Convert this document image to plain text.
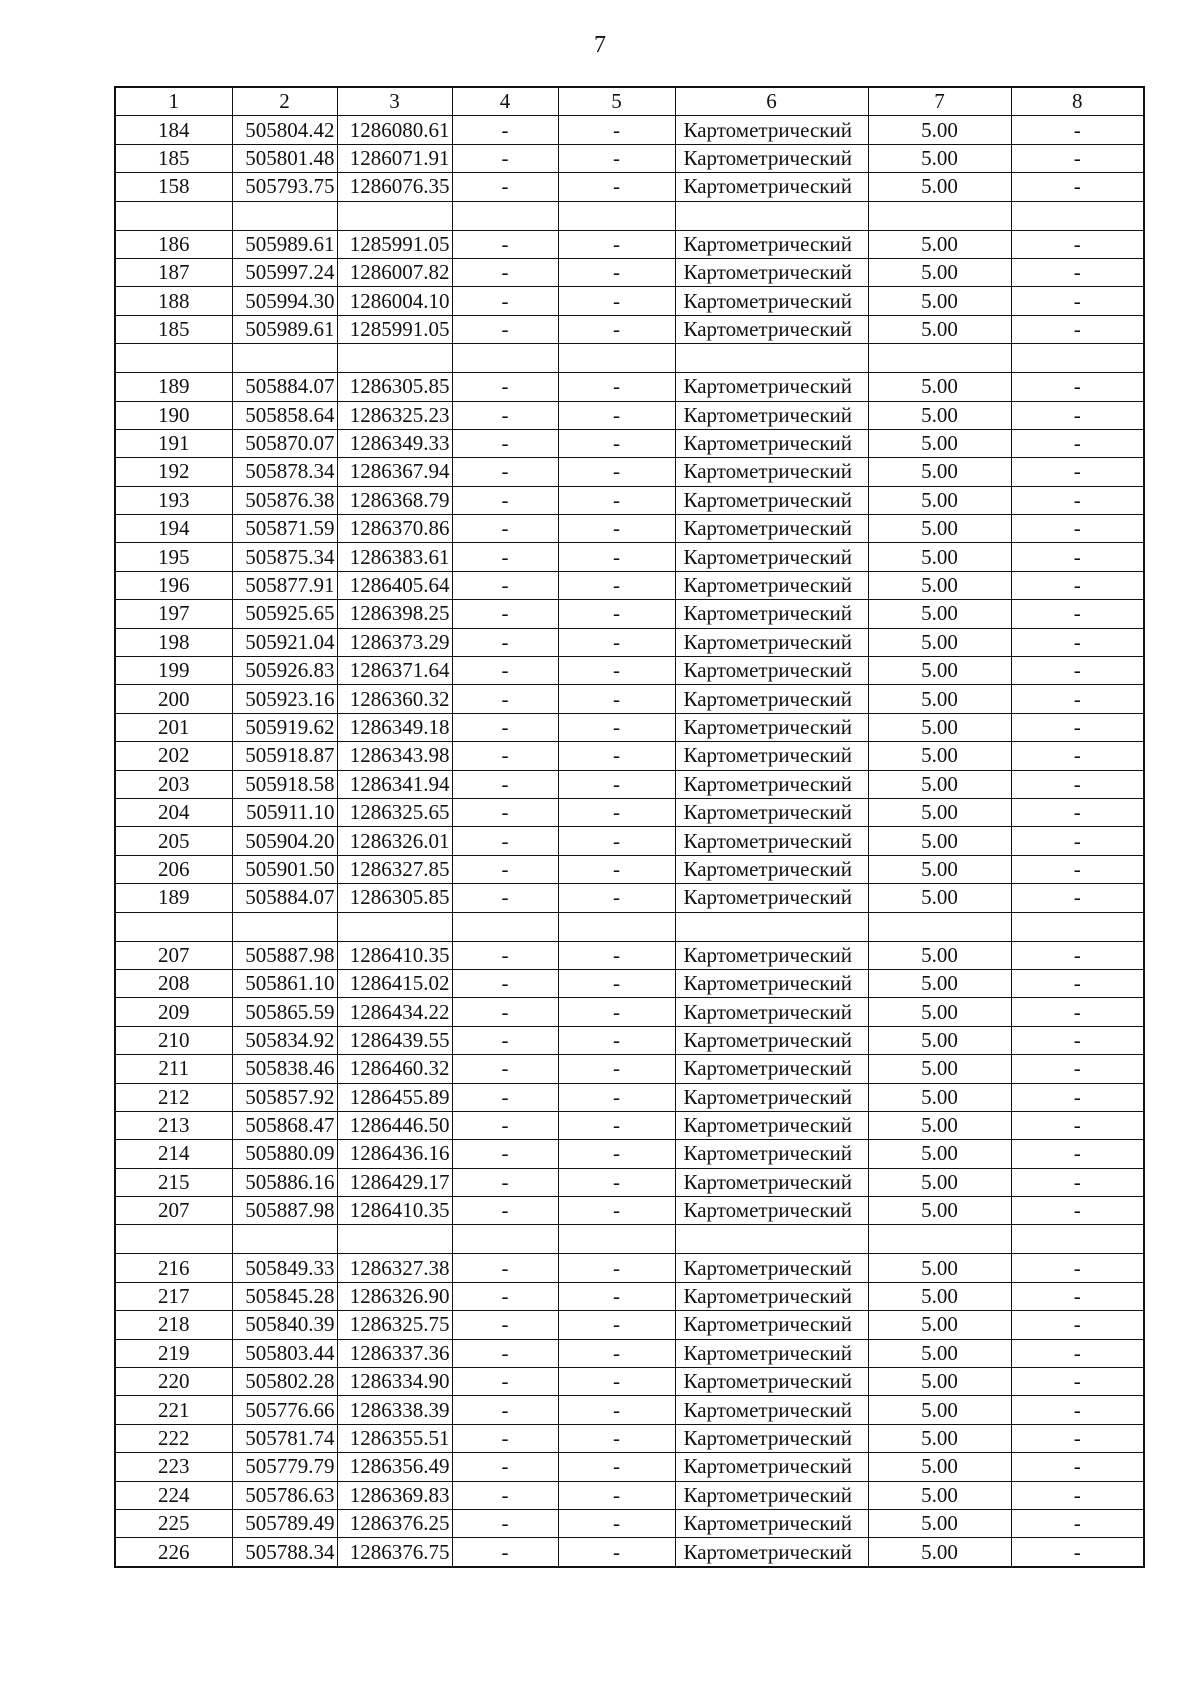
7
1	2	3	4	5	6	7	8
184	505804.42	1286080.61	-	-	Картометрический	5.00	-
185	505801.48	1286071.91	-	-	Картометрический	5.00	-
158	505793.75	1286076.35	-	-	Картометрический	5.00	-

186	505989.61	1285991.05	-	-	Картометрический	5.00	-
187	505997.24	1286007.82	-	-	Картометрический	5.00	-
188	505994.30	1286004.10	-	-	Картометрический	5.00	-
185	505989.61	1285991.05	-	-	Картометрический	5.00	-

189	505884.07	1286305.85	-	-	Картометрический	5.00	-
190	505858.64	1286325.23	-	-	Картометрический	5.00	-
191	505870.07	1286349.33	-	-	Картометрический	5.00	-
192	505878.34	1286367.94	-	-	Картометрический	5.00	-
193	505876.38	1286368.79	-	-	Картометрический	5.00	-
194	505871.59	1286370.86	-	-	Картометрический	5.00	-
195	505875.34	1286383.61	-	-	Картометрический	5.00	-
196	505877.91	1286405.64	-	-	Картометрический	5.00	-
197	505925.65	1286398.25	-	-	Картометрический	5.00	-
198	505921.04	1286373.29	-	-	Картометрический	5.00	-
199	505926.83	1286371.64	-	-	Картометрический	5.00	-
200	505923.16	1286360.32	-	-	Картометрический	5.00	-
201	505919.62	1286349.18	-	-	Картометрический	5.00	-
202	505918.87	1286343.98	-	-	Картометрический	5.00	-
203	505918.58	1286341.94	-	-	Картометрический	5.00	-
204	505911.10	1286325.65	-	-	Картометрический	5.00	-
205	505904.20	1286326.01	-	-	Картометрический	5.00	-
206	505901.50	1286327.85	-	-	Картометрический	5.00	-
189	505884.07	1286305.85	-	-	Картометрический	5.00	-

207	505887.98	1286410.35	-	-	Картометрический	5.00	-
208	505861.10	1286415.02	-	-	Картометрический	5.00	-
209	505865.59	1286434.22	-	-	Картометрический	5.00	-
210	505834.92	1286439.55	-	-	Картометрический	5.00	-
211	505838.46	1286460.32	-	-	Картометрический	5.00	-
212	505857.92	1286455.89	-	-	Картометрический	5.00	-
213	505868.47	1286446.50	-	-	Картометрический	5.00	-
214	505880.09	1286436.16	-	-	Картометрический	5.00	-
215	505886.16	1286429.17	-	-	Картометрический	5.00	-
207	505887.98	1286410.35	-	-	Картометрический	5.00	-

216	505849.33	1286327.38	-	-	Картометрический	5.00	-
217	505845.28	1286326.90	-	-	Картометрический	5.00	-
218	505840.39	1286325.75	-	-	Картометрический	5.00	-
219	505803.44	1286337.36	-	-	Картометрический	5.00	-
220	505802.28	1286334.90	-	-	Картометрический	5.00	-
221	505776.66	1286338.39	-	-	Картометрический	5.00	-
222	505781.74	1286355.51	-	-	Картометрический	5.00	-
223	505779.79	1286356.49	-	-	Картометрический	5.00	-
224	505786.63	1286369.83	-	-	Картометрический	5.00	-
225	505789.49	1286376.25	-	-	Картометрический	5.00	-
226	505788.34	1286376.75	-	-	Картометрический	5.00	-
